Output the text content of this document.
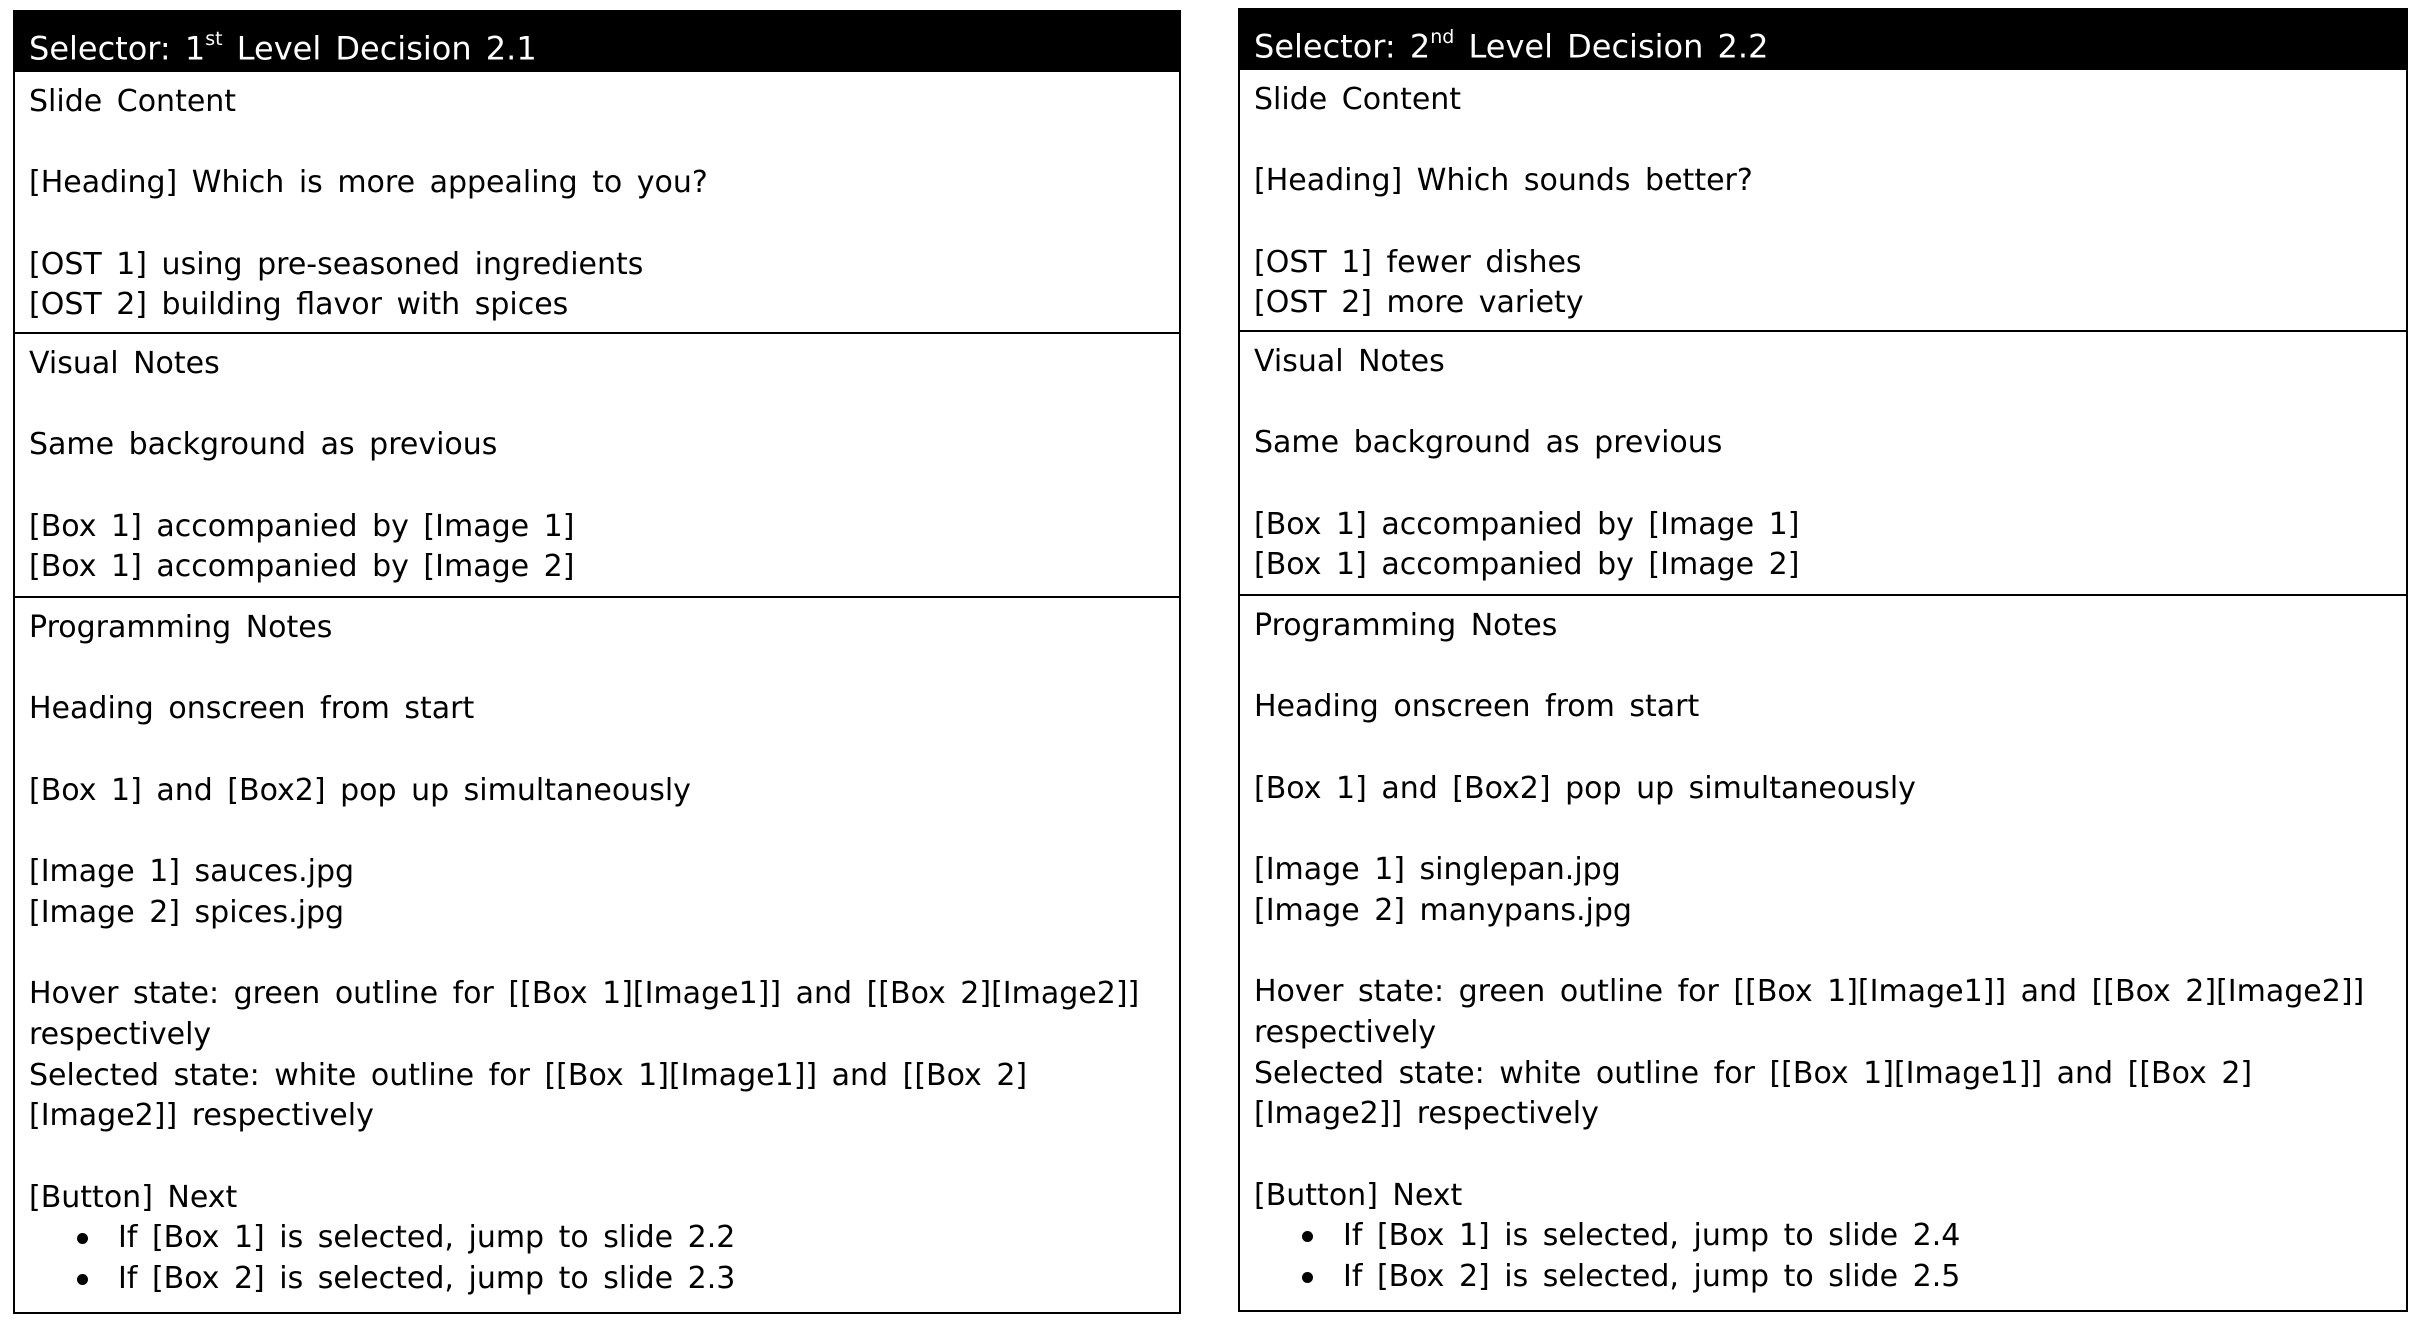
Selector: 1st Level Decision 2.1
Slide Content
[Heading] Which is more appealing to you?
[OST 1] using pre-seasoned ingredients
[OST 2] building flavor with spices
Visual Notes
Same background as previous
[Box 1] accompanied by [Image 1]
[Box 1] accompanied by [Image 2]
Programming Notes
Heading onscreen from start
[Box 1] and [Box2] pop up simultaneously
[Image 1] sauces.jpg
[Image 2] spices.jpg
Hover state: green outline for [[Box 1][Image1]] and [[Box 2][Image2]] respectively
Selected state: white outline for [[Box 1][Image1]] and [[Box 2][Image2]] respectively
[Button] Next
If [Box 1] is selected, jump to slide 2.2
If [Box 2] is selected, jump to slide 2.3
Selector: 2nd Level Decision 2.2
Slide Content
[Heading] Which sounds better?
[OST 1] fewer dishes
[OST 2] more variety
Visual Notes
Same background as previous
[Box 1] accompanied by [Image 1]
[Box 1] accompanied by [Image 2]
Programming Notes
Heading onscreen from start
[Box 1] and [Box2] pop up simultaneously
[Image 1] singlepan.jpg
[Image 2] manypans.jpg
Hover state: green outline for [[Box 1][Image1]] and [[Box 2][Image2]] respectively
Selected state: white outline for [[Box 1][Image1]] and [[Box 2][Image2]] respectively
[Button] Next
If [Box 1] is selected, jump to slide 2.4
If [Box 2] is selected, jump to slide 2.5
